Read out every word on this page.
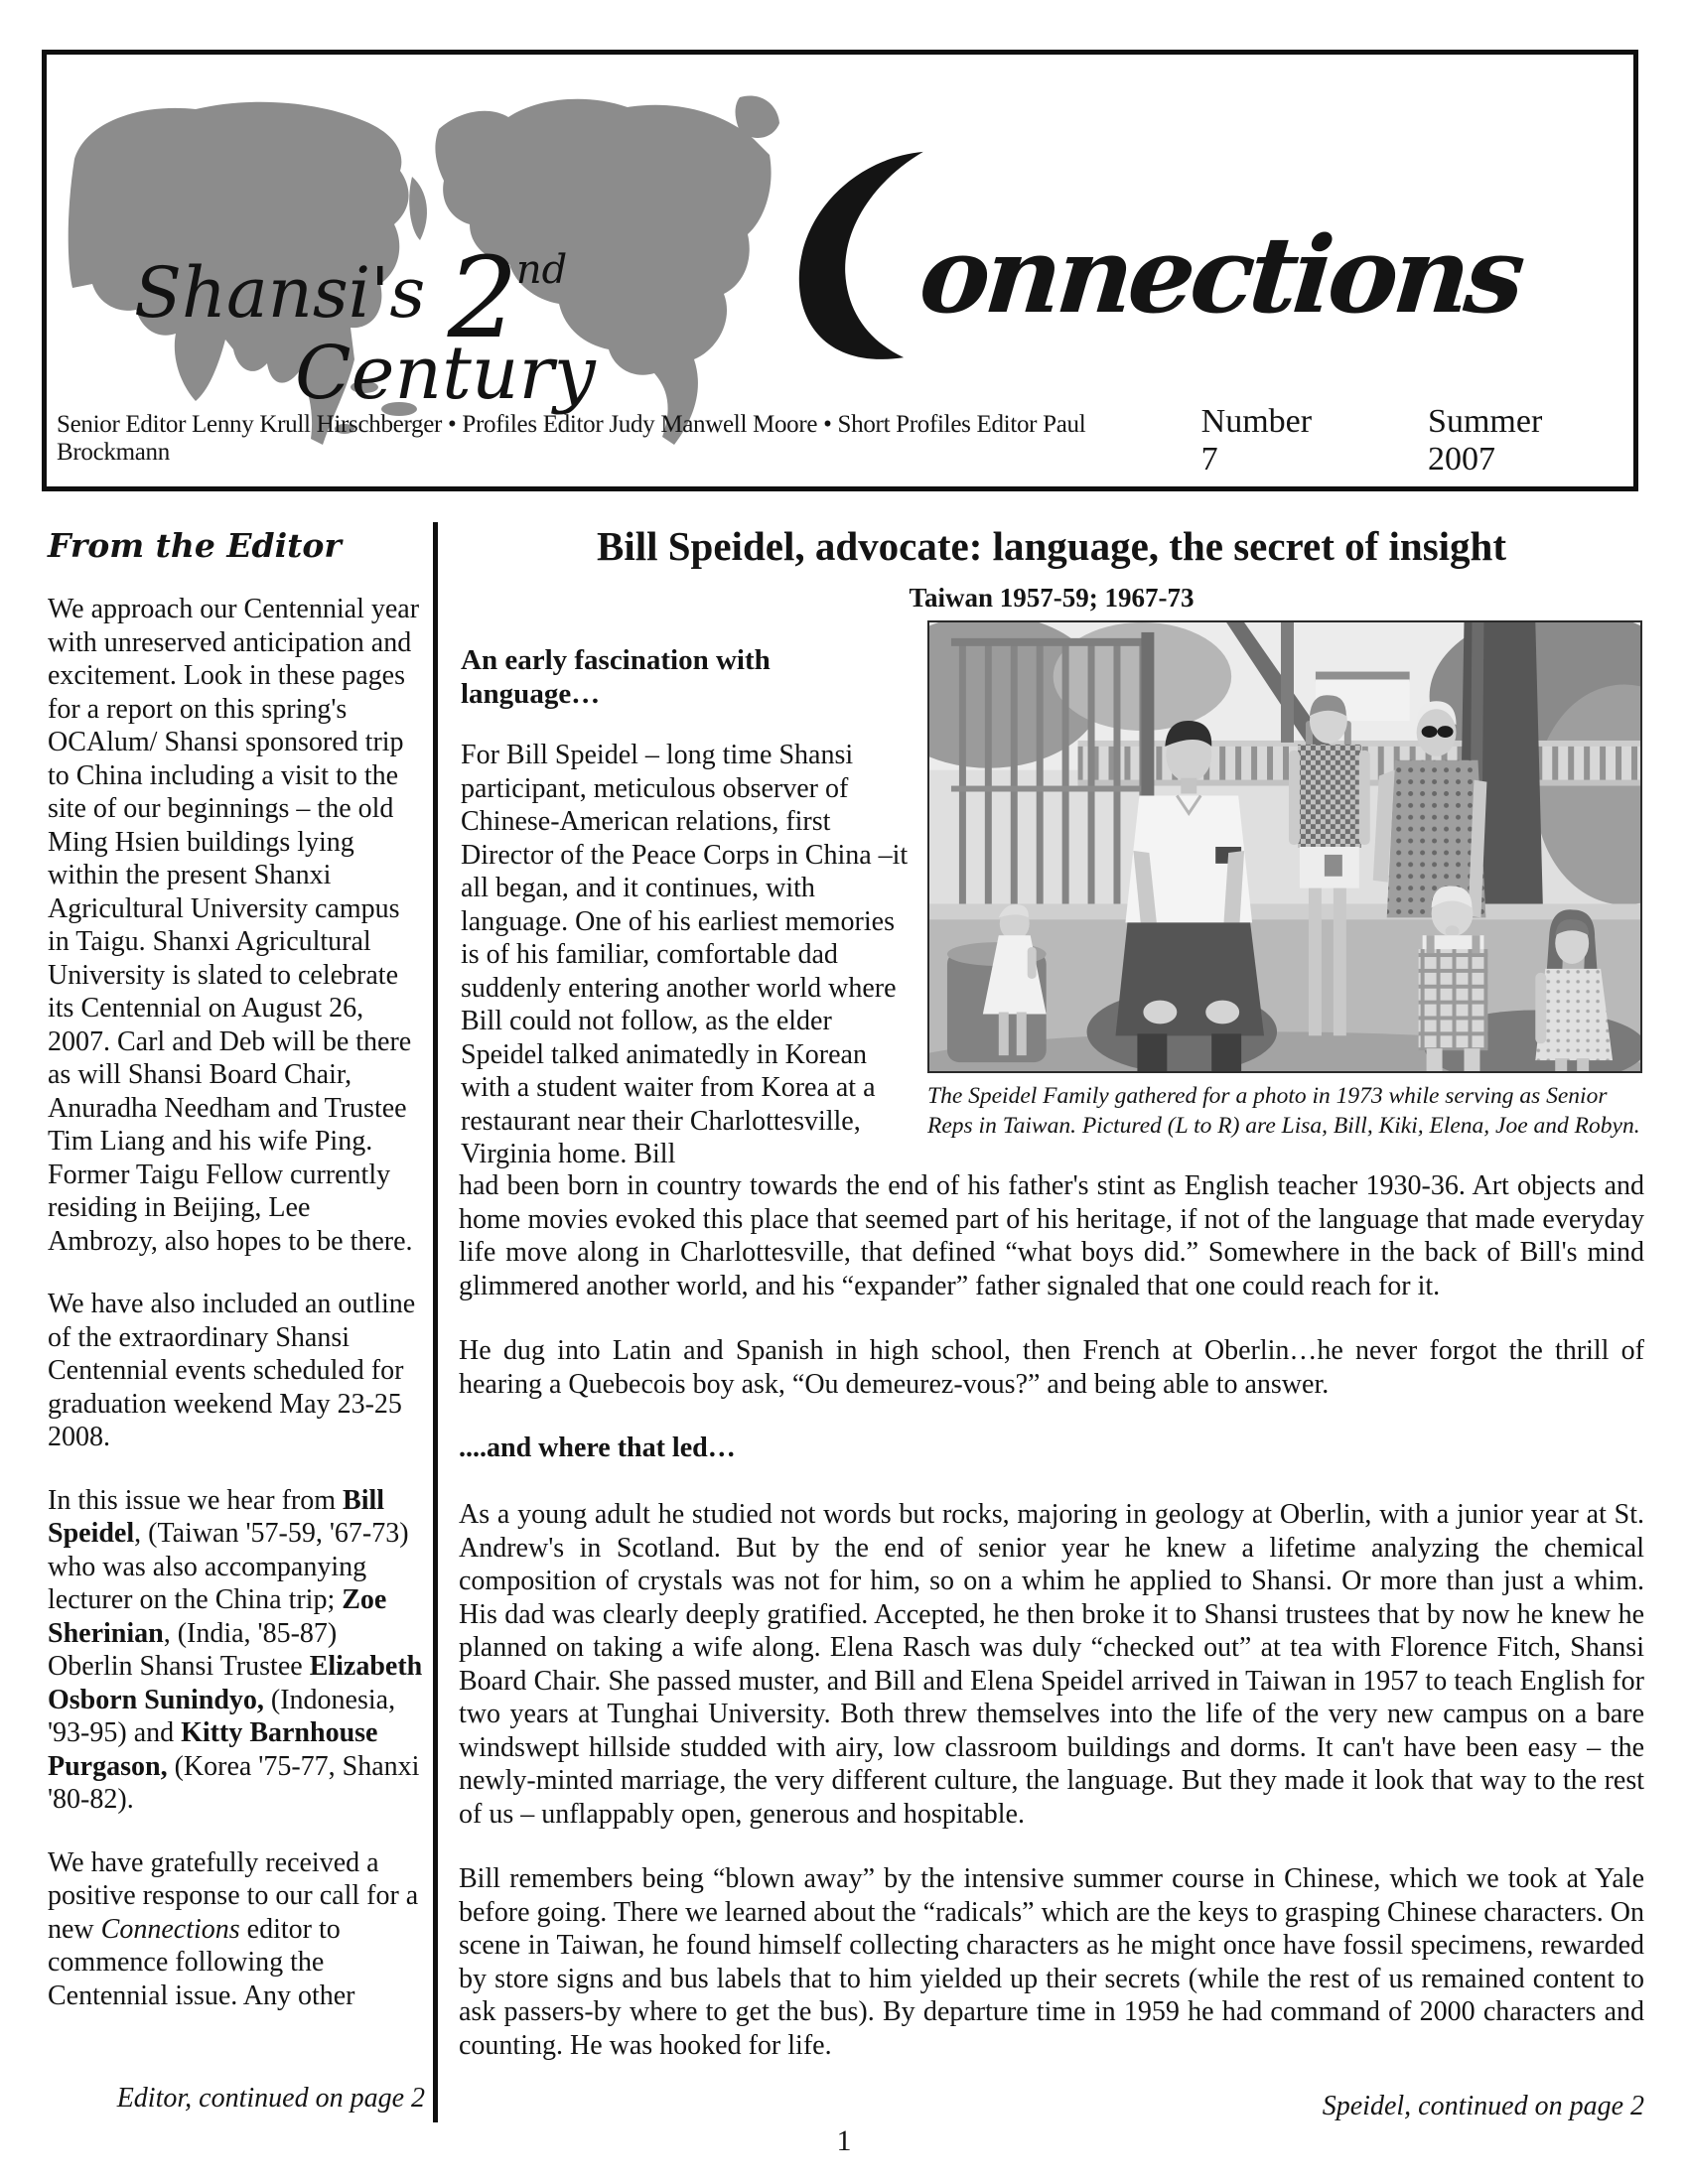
Shansi's 2nd
Century
onnections
Senior Editor Lenny Krull Hirschberger • Profiles Editor Judy Manwell Moore • Short Profiles Editor Paul Brockmann
Number 7
Summer 2007
From the Editor

We approach our Centennial year with unreserved anticipation and excitement. Look in these pages for a report on this spring's OCAlum/ Shansi sponsored trip to China including a visit to the site of our beginnings – the old Ming Hsien buildings lying within the present Shanxi Agricultural University campus in Taigu. Shanxi Agricultural University is slated to celebrate its Centennial on August 26, 2007. Carl and Deb will be there as will Shansi Board Chair, Anuradha Needham and Trustee Tim Liang and his wife Ping. Former Taigu Fellow currently residing in Beijing, Lee Ambrozy, also hopes to be there.

We have also included an outline of the extraordinary Shansi Centennial events scheduled for graduation weekend May 23-25 2008.

In this issue we hear from Bill Speidel, (Taiwan '57-59, '67-73) who was also accompanying lecturer on the China trip; Zoe Sherinian, (India, '85-87) Oberlin Shansi Trustee Elizabeth Osborn Sunindyo, (Indonesia, '93-95) and Kitty Barnhouse Purgason, (Korea '75-77, Shanxi '80-82).

We have gratefully received a positive response to our call for a new Connections editor to commence following the Centennial issue. Any other

Editor, continued on page 2
Bill Speidel, advocate: language, the secret of insight
Taiwan 1957-59; 1967-73
An early fascination with language…

For Bill Speidel – long time Shansi participant, meticulous observer of Chinese-American relations, first Director of the Peace Corps in China –it all began, and it continues, with language. One of his earliest memories is of his familiar, comfortable dad suddenly entering another world where Bill could not follow, as the elder Speidel talked animatedly in Korean with a student waiter from Korea at a restaurant near their Charlottesville, Virginia home. Bill

The Speidel Family gathered for a photo in 1973 while serving as Senior Reps in Taiwan. Pictured (L to R) are Lisa, Bill, Kiki, Elena, Joe and Robyn.

had been born in country towards the end of his father's stint as English teacher 1930-36. Art objects and home movies evoked this place that seemed part of his heritage, if not of the language that made everyday life move along in Charlottesville, that defined “what boys did.” Somewhere in the back of Bill's mind glimmered another world, and his “expander” father signaled that one could reach for it.

He dug into Latin and Spanish in high school, then French at Oberlin…he never forgot the thrill of hearing a Quebecois boy ask, “Ou demeurez-vous?” and being able to answer.

....and where that led…

As a young adult he studied not words but rocks, majoring in geology at Oberlin, with a junior year at St. Andrew's in Scotland. But by the end of senior year he knew a lifetime analyzing the chemical composition of crystals was not for him, so on a whim he applied to Shansi. Or more than just a whim. His dad was clearly deeply gratified. Accepted, he then broke it to Shansi trustees that by now he knew he planned on taking a wife along. Elena Rasch was duly “checked out” at tea with Florence Fitch, Shansi Board Chair. She passed muster, and Bill and Elena Speidel arrived in Taiwan in 1957 to teach English for two years at Tunghai University. Both threw themselves into the life of the very new campus on a bare windswept hillside studded with airy, low classroom buildings and dorms. It can't have been easy – the newly-minted marriage, the very different culture, the language. But they made it look that way to the rest of us – unflappably open, generous and hospitable.

Bill remembers being “blown away” by the intensive summer course in Chinese, which we took at Yale before going. There we learned about the “radicals” which are the keys to grasping Chinese characters. On scene in Taiwan, he found himself collecting characters as he might once have fossil specimens, rewarded by store signs and bus labels that to him yielded up their secrets (while the rest of us remained content to ask passers-by where to get the bus). By departure time in 1959 he had command of 2000 characters and counting. He was hooked for life.

Speidel, continued on page 2
1
